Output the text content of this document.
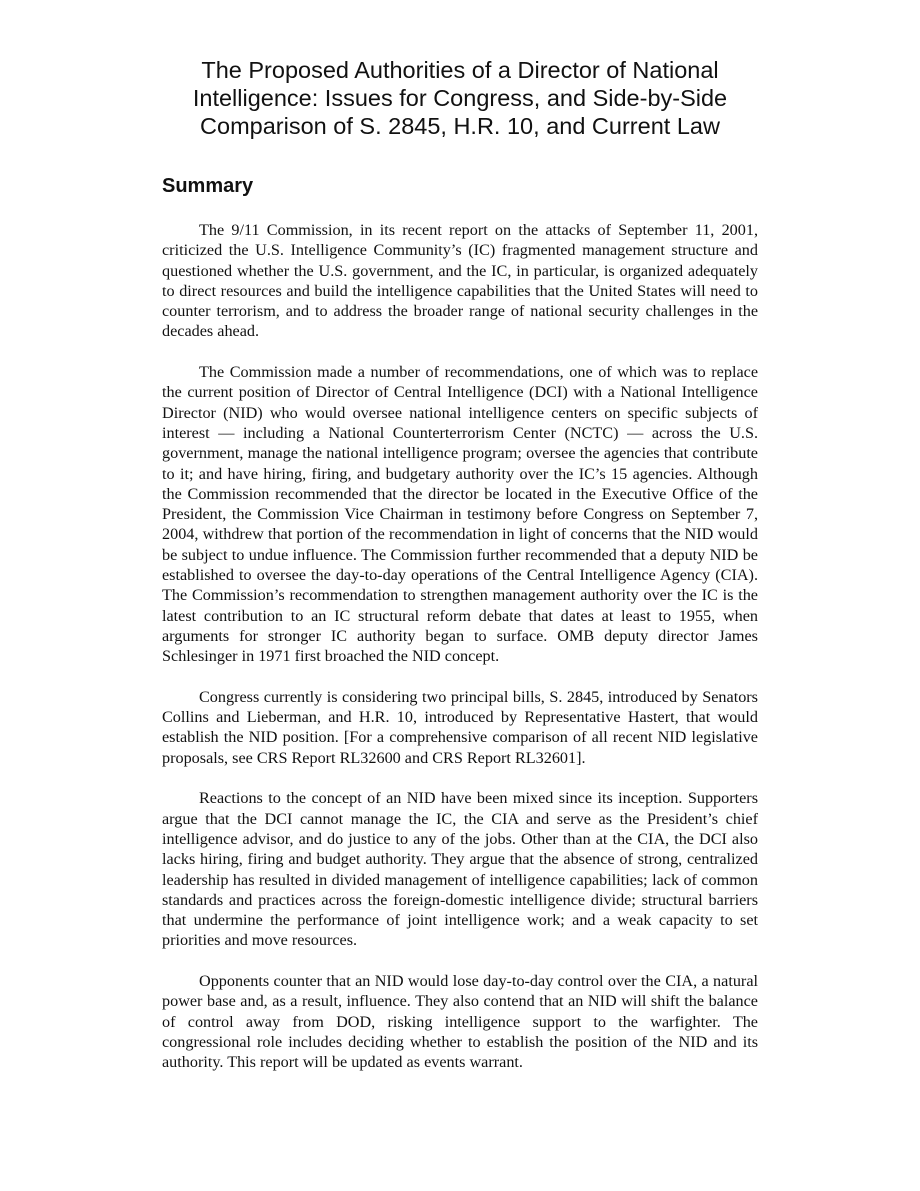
The Proposed Authorities of a Director of National
Intelligence: Issues for Congress, and Side-by-Side
Comparison of S. 2845, H.R. 10, and Current Law
Summary

The 9/11 Commission, in its recent report on the attacks of September 11, 2001, criticized the U.S. Intelligence Community’s (IC) fragmented management structure and questioned whether the U.S. government, and the IC, in particular, is organized adequately to direct resources and build the intelligence capabilities that the United States will need to counter terrorism, and to address the broader range of national security challenges in the decades ahead.

The Commission made a number of recommendations, one of which was to replace the current position of Director of Central Intelligence (DCI) with a National Intelligence Director (NID) who would oversee national intelligence centers on specific subjects of interest — including a National Counterterrorism Center (NCTC) — across the U.S. government, manage the national intelligence program; oversee the agencies that contribute to it; and have hiring, firing, and budgetary authority over the IC’s 15 agencies. Although the Commission recommended that the director be located in the Executive Office of the President, the Commission Vice Chairman in testimony before Congress on September 7, 2004, withdrew that portion of the recommendation in light of concerns that the NID would be subject to undue influence. The Commission further recommended that a deputy NID be established to oversee the day-to-day operations of the Central Intelligence Agency (CIA). The Commission’s recommendation to strengthen management authority over the IC is the latest contribution to an IC structural reform debate that dates at least to 1955, when arguments for stronger IC authority began to surface. OMB deputy director James Schlesinger in 1971 first broached the NID concept.

Congress currently is considering two principal bills, S. 2845, introduced by Senators Collins and Lieberman, and H.R. 10, introduced by Representative Hastert, that would establish the NID position. [For a comprehensive comparison of all recent NID legislative proposals, see CRS Report RL32600 and CRS Report RL32601].

Reactions to the concept of an NID have been mixed since its inception. Supporters argue that the DCI cannot manage the IC, the CIA and serve as the President’s chief intelligence advisor, and do justice to any of the jobs. Other than at the CIA, the DCI also lacks hiring, firing and budget authority. They argue that the absence of strong, centralized leadership has resulted in divided management of intelligence capabilities; lack of common standards and practices across the foreign-domestic intelligence divide; structural barriers that undermine the performance of joint intelligence work; and a weak capacity to set priorities and move resources.

Opponents counter that an NID would lose day-to-day control over the CIA, a natural power base and, as a result, influence. They also contend that an NID will shift the balance of control away from DOD, risking intelligence support to the warfighter. The congressional role includes deciding whether to establish the position of the NID and its authority. This report will be updated as events warrant.
